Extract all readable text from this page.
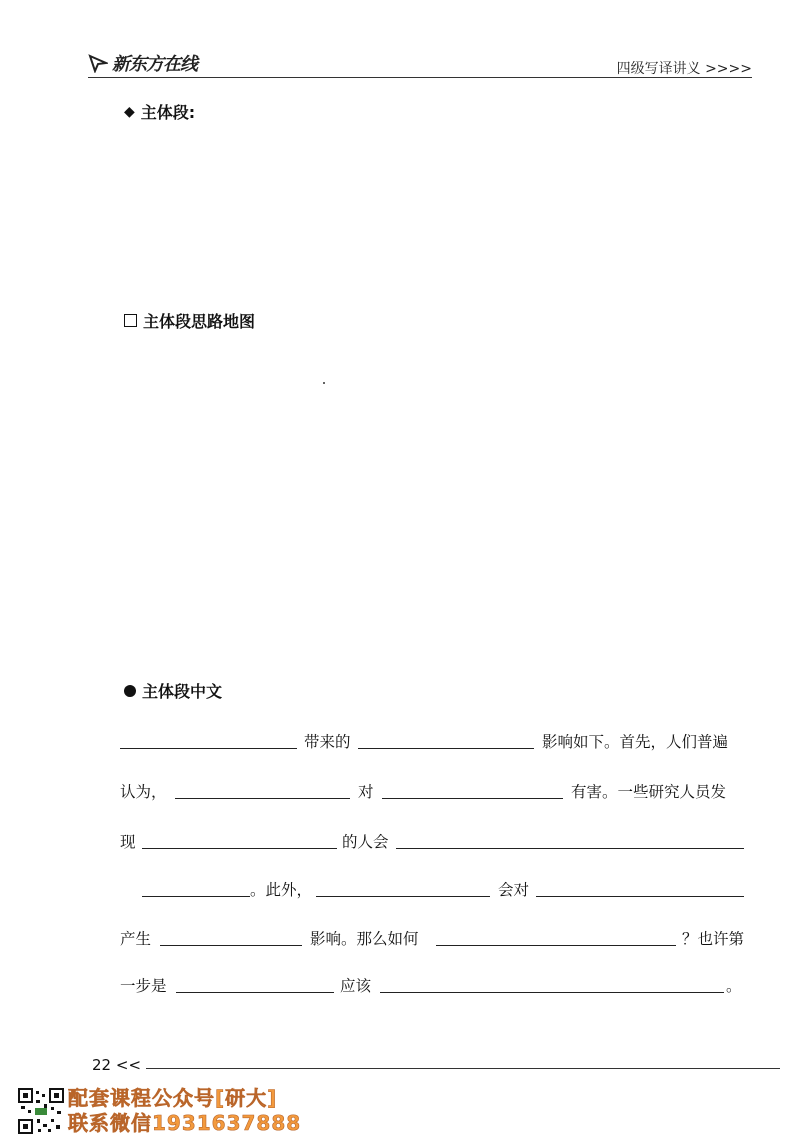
新东方在线	四级写译讲义 >>>>
◆ 主体段:
主体段思路地图
主体段中文
带来的	影响如下。首先，人们普遍
认为，	对	有害。一些研究人员发
现	的人会
。此外，	会对
产生	影响。那么如何	？也许第
一步是	应该	。
22 <<
配套课程公众号[研大]
联系微信1931637888
